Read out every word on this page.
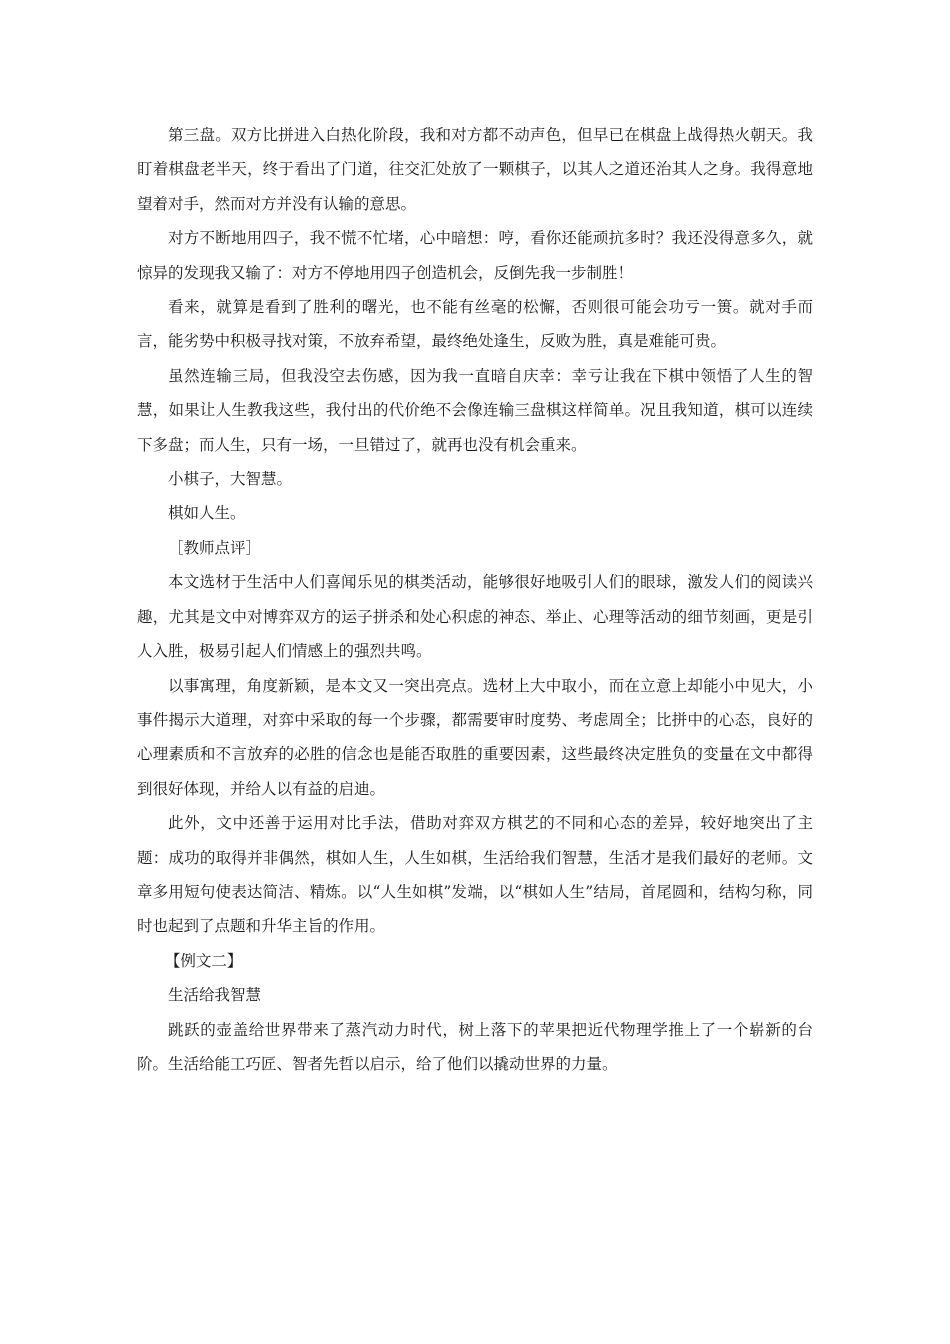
第三盘。双方比拼进入白热化阶段，我和对方都不动声色，但早已在棋盘上战得热火朝天。我盯着棋盘老半天，终于看出了门道，往交汇处放了一颗棋子，以其人之道还治其人之身。我得意地望着对手，然而对方并没有认输的意思。

对方不断地用四子，我不慌不忙堵，心中暗想：哼，看你还能顽抗多时？我还没得意多久，就惊异的发现我又输了：对方不停地用四子创造机会，反倒先我一步制胜！

看来，就算是看到了胜利的曙光，也不能有丝毫的松懈，否则很可能会功亏一篑。就对手而言，能劣势中积极寻找对策，不放弃希望，最终绝处逢生，反败为胜，真是难能可贵。

虽然连输三局，但我没空去伤感，因为我一直暗自庆幸：幸亏让我在下棋中领悟了人生的智慧，如果让人生教我这些，我付出的代价绝不会像连输三盘棋这样简单。况且我知道，棋可以连续下多盘；而人生，只有一场，一旦错过了，就再也没有机会重来。

小棋子，大智慧。

棋如人生。

［教师点评］

本文选材于生活中人们喜闻乐见的棋类活动，能够很好地吸引人们的眼球，激发人们的阅读兴趣，尤其是文中对博弈双方的运子拼杀和处心积虑的神态、举止、心理等活动的细节刻画，更是引人入胜，极易引起人们情感上的强烈共鸣。

以事寓理，角度新颖，是本文又一突出亮点。选材上大中取小，而在立意上却能小中见大，小事件揭示大道理，对弈中采取的每一个步骤，都需要审时度势、考虑周全；比拼中的心态，良好的心理素质和不言放弃的必胜的信念也是能否取胜的重要因素，这些最终决定胜负的变量在文中都得到很好体现，并给人以有益的启迪。

此外，文中还善于运用对比手法，借助对弈双方棋艺的不同和心态的差异，较好地突出了主题：成功的取得并非偶然，棋如人生，人生如棋，生活给我们智慧，生活才是我们最好的老师。文章多用短句使表达简洁、精炼。以“人生如棋”发端，以“棋如人生”结局，首尾圆和，结构匀称，同时也起到了点题和升华主旨的作用。

【例文二】

生活给我智慧

跳跃的壶盖给世界带来了蒸汽动力时代，树上落下的苹果把近代物理学推上了一个崭新的台阶。生活给能工巧匠、智者先哲以启示，给了他们以撬动世界的力量。
